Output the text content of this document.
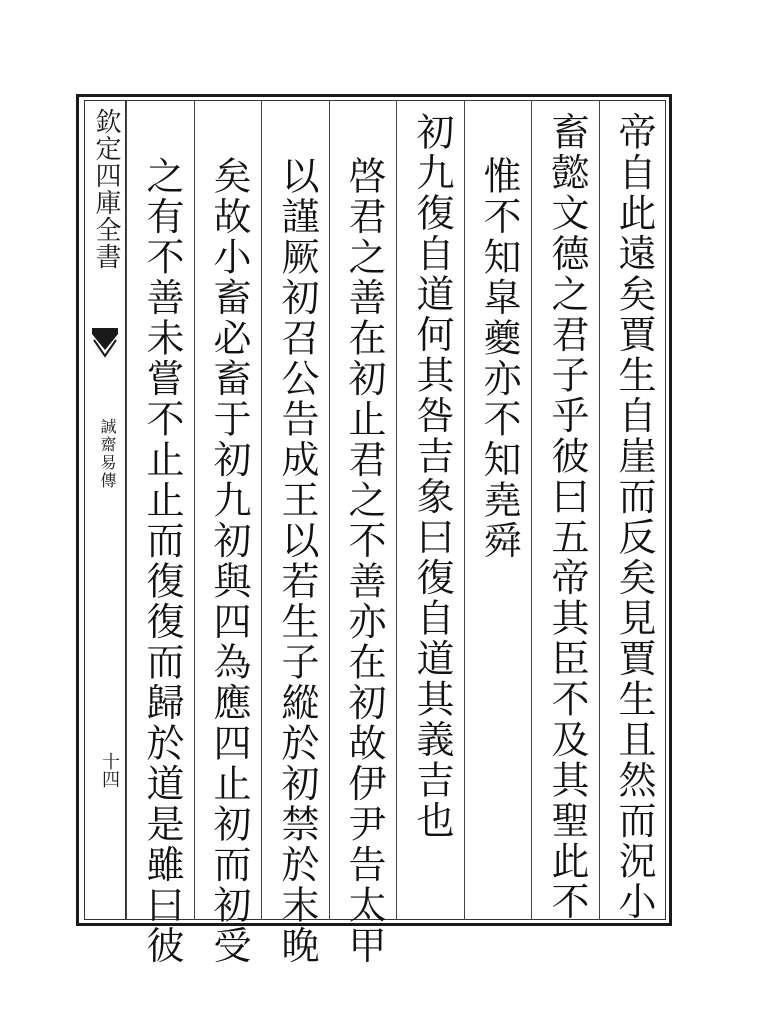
欽定四庫全書
誠齋易傳
十四	帝自此遠矣賈生自崖而反矣見賈生且然而況小
畜懿文德之君子乎彼曰五帝其臣不及其聖此不
惟不知皐夔亦不知堯舜
初九復自道何其咎吉象曰復自道其義吉也
啓君之善在初止君之不善亦在初故伊尹告太甲
以謹厥初召公告成王以若生子縱於初禁於末晚
矣故小畜必畜于初九初與四為應四止初而初受
之有不善未嘗不止止而復復而歸於道是雖曰彼
